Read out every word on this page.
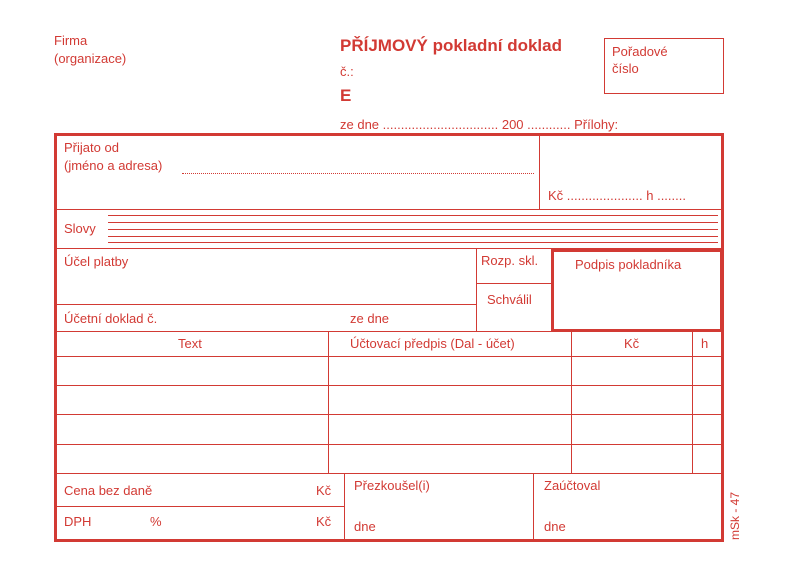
Firma
(organizace)
PŘÍJMOVÝ pokladní doklad
č.:
E
ze dne ................................ 200 ............ Přílohy:
Pořadové
číslo
Přijato od
(jméno a adresa)
Kč ..................... h ........
Slovy
Účel platby	Rozp. skl.
Schválil
Podpis pokladníka
Účetní doklad č.	ze dne
Text	Účtovací předpis (Dal - účet)	Kč	h
Cena bez daně	Kč
DPH	%	Kč
Přezkoušel(i)
dne
Zaúčtoval
dne	mSk - 47
